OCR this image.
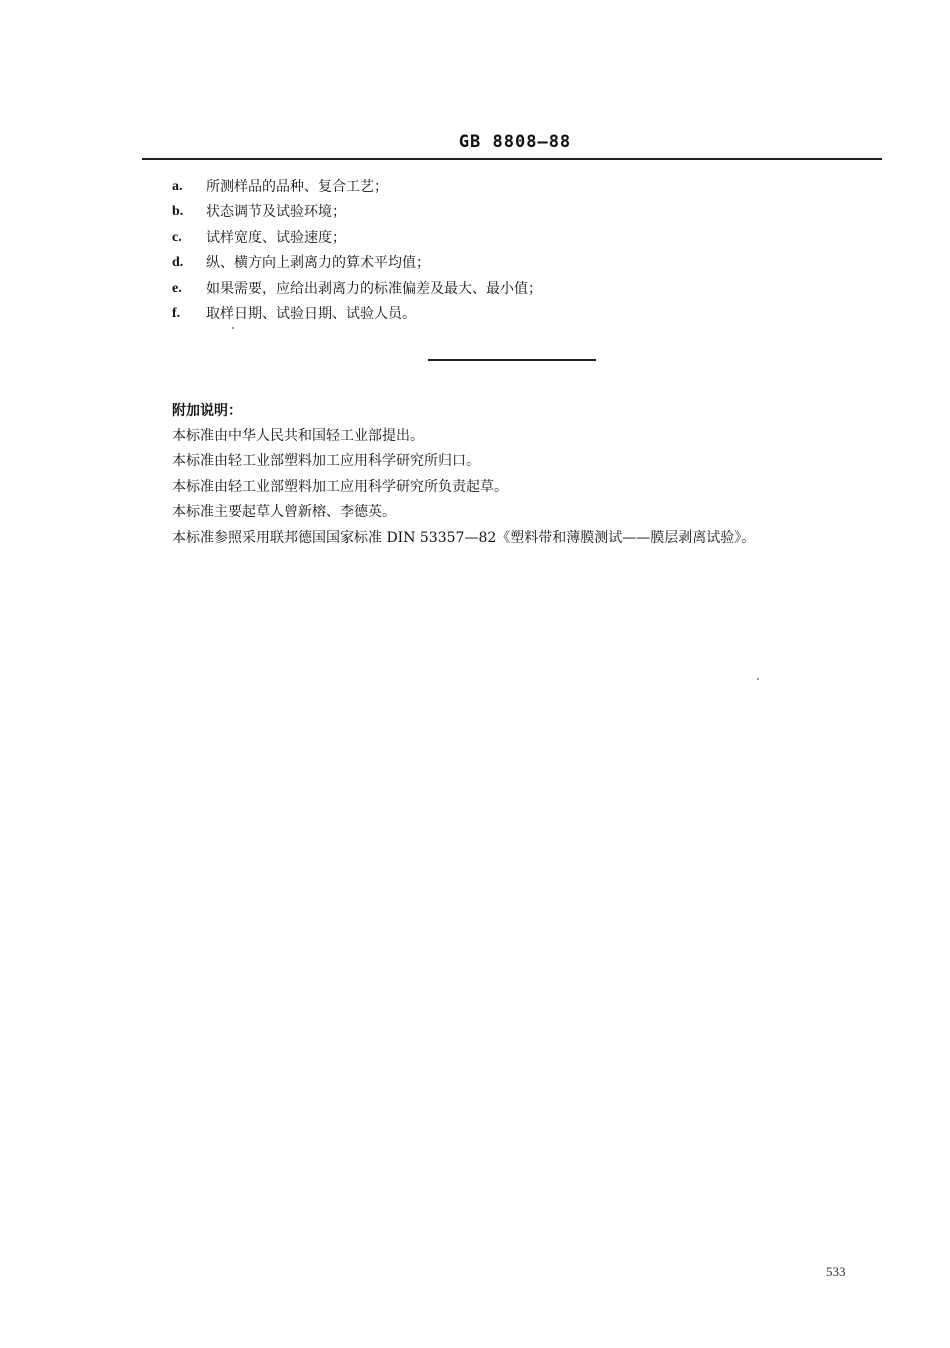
GB 8808—88
a.	所测样品的品种、复合工艺；
b.	状态调节及试验环境；
c.	试样宽度、试验速度；
d.	纵、横方向上剥离力的算术平均值；
e.	如果需要，应给出剥离力的标准偏差及最大、最小值；
f.	取样日期、试验日期、试验人员。
附加说明：
本标准由中华人民共和国轻工业部提出。
本标准由轻工业部塑料加工应用科学研究所归口。
本标准由轻工业部塑料加工应用科学研究所负责起草。
本标准主要起草人曾新榕、李德英。
本标准参照采用联邦德国国家标准 DIN 53357—82《塑料带和薄膜测试——膜层剥离试验》。
533
